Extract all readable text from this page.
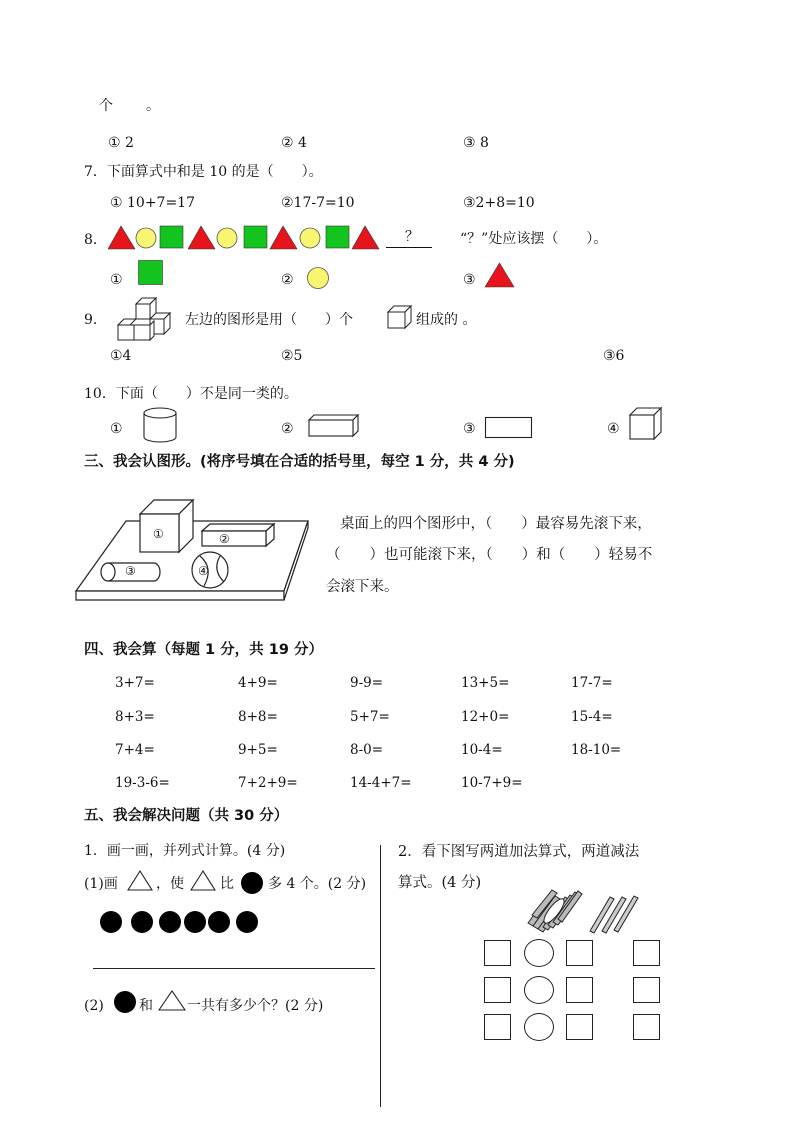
个 。
① 2	② 4	③ 8
7．下面算式中和是 10 的是（　　）。
① 10+7=17	②17-7=10	③2+8=10
8．	？	“？”处应该摆（　　）。
①	②	③
9．	左边的图形是用（　　）个	组成的 。
①4	②5	③6
10．下面（　　）不是同一类的。
①	②	③	④
三、我会认图形。(将序号填在合适的括号里，每空 1 分，共 4 分)
①	②
③	④
桌面上的四个图形中，（　　）最容易先滚下来，
（　　）也可能滚下来，（　　）和（　　）轻易不
会滚下来。
四、我会算（每题 1 分，共 19 分）
3+7=	4+9=	9-9=	13+5=	17-7=
8+3=	8+8=	5+7=	12+0=	15-4=
7+4=	9+5=	8-0=	10-4=	18-10=
19-3-6=	7+2+9=	14-4+7=	10-7+9=
五、我会解决问题（共 30 分）
1．画一画，并列式计算。(4 分)
(1)画	，使	比 多 4 个。(2 分)
(2)	和 一共有多少个？(2 分)
2．看下图写两道加法算式，两道减法
算式。(4 分)
